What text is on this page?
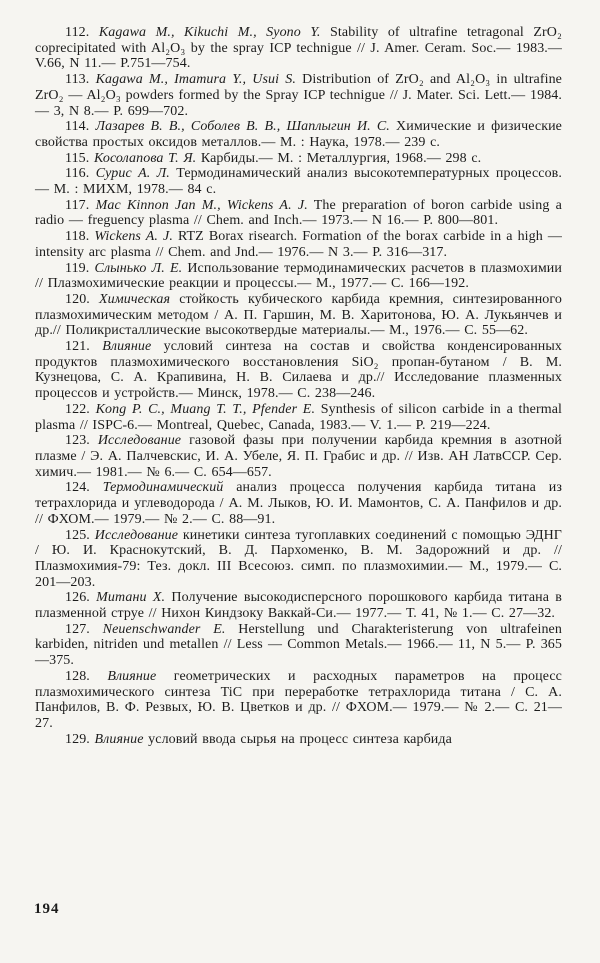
112. Kagawa M., Kikuchi M., Syono Y. Stability of ultrafine tetragonal ZrO₂ coprecipitated with Al₂O₃ by the spray ICP technigue // J. Amer. Ceram. Soc.— 1983.— V.66, N 11.— P.751—754.

113. Kagawa M., Imamura Y., Usui S. Distribution of ZrO₂ and Al₂O₃ in ultrafine ZrO₂ — Al₂O₃ powders formed by the Spray ICP technigue // J. Mater. Sci. Lett.— 1984.— 3, N 8.— P. 699—702.

114. Лазарев В. В., Соболев В. В., Шаплыгин И. С. Химические и физические свойства простых оксидов металлов.— М. : Наука, 1978.— 239 с.

115. Косолапова Т. Я. Карбиды.— М. : Металлургия, 1968.— 298 с.

116. Сурис А. Л. Термодинамический анализ высокотемпературных процессов.— М. : МИХМ, 1978.— 84 с.

117. Mac Kinnon Jan M., Wickens A. J. The preparation of boron carbide using a radio — freguency plasma // Chem. and Inch.— 1973.— N 16.— P. 800—801.

118. Wickens A. J. RTZ Borax risearch. Formation of the borax carbide in a high — intensity arc plasma // Chem. and Jnd.— 1976.— N 3.— P. 316—317.

119. Слынько Л. Е. Использование термодинамических расчетов в плазмохимии // Плазмохимические реакции и процессы.— М., 1977.— С. 166—192.

120. Химическая стойкость кубического карбида кремния, синтезированного плазмохимическим методом / А. П. Гаршин, М. В. Харитонова, Ю. А. Лукьянчев и др.// Поликристаллические высокотвердые материалы.— М., 1976.— С. 55—62.

121. Влияние условий синтеза на состав и свойства конденсированных продуктов плазмохимического восстановления SiO₂ пропан-бутаном / В. М. Кузнецова, С. А. Крапивина, Н. В. Силаева и др.// Исследование плазменных процессов и устройств.— Минск, 1978.— С. 238—246.

122. Kong P. C., Muang T. T., Pfender E. Synthesis of silicon carbide in a thermal plasma // ISPC-6.— Montreal, Quebec, Canada, 1983.— V. 1.— P. 219—224.

123. Исследование газовой фазы при получении карбида кремния в азотной плазме / Э. А. Палчевскис, И. А. Убеле, Я. П. Грабис и др. // Изв. АН ЛатвССР. Сер. химич.— 1981.— № 6.— С. 654—657.

124. Термодинамический анализ процесса получения карбида титана из тетрахлорида и углеводорода / А. М. Лыков, Ю. И. Мамонтов, С. А. Панфилов и др. // ФХОМ.— 1979.— № 2.— С. 88—91.

125. Исследование кинетики синтеза тугоплавких соединений с помощью ЭДНГ / Ю. И. Краснокутский, В. Д. Пархоменко, В. М. Задорожний и др. // Плазмохимия-79: Тез. докл. III Всесоюз. симп. по плазмохимии.— М., 1979.— С. 201—203.

126. Митани Х. Получение высокодисперсного порошкового карбида титана в плазменной струе // Нихон Киндзоку Ваккай-Си.— 1977.— Т. 41, № 1.— С. 27—32.

127. Neuenschwander E. Herstellung und Charakteristerung von ultrafeinen karbiden, nitriden und metallen // Less — Common Metals.— 1966.— 11, N 5.— P. 365—375.

128. Влияние геометрических и расходных параметров на процесс плазмохимического синтеза TiC при переработке тетрахлорида титана / С. А. Панфилов, В. Ф. Резвых, Ю. В. Цветков и др. // ФХОМ.— 1979.— № 2.— С. 21—27.

129. Влияние условий ввода сырья на процесс синтеза карбида

194
